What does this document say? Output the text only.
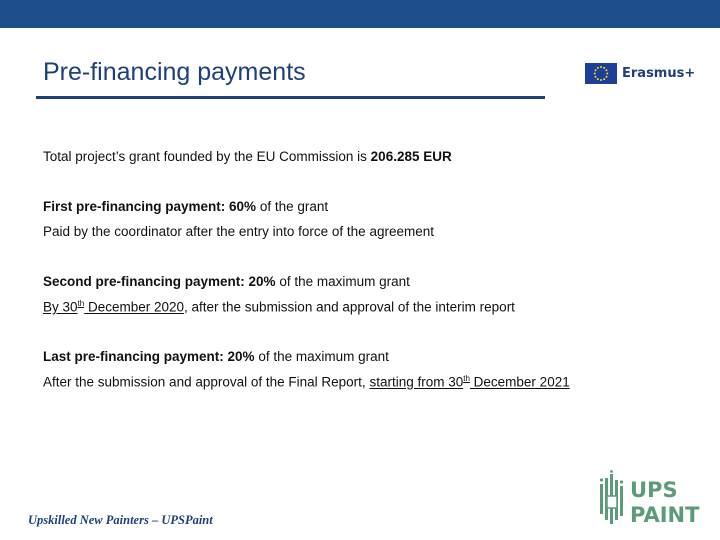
Pre-financing payments	Erasmus+
Total project’s grant founded by the EU Commission is 206.285 EUR
First pre-financing payment: 60% of the grant
Paid by the coordinator after the entry into force of the agreement
Second pre-financing payment: 20% of the maximum grant
By 30th December 2020, after the submission and approval of the interim report
Last pre-financing payment: 20% of the maximum grant
After the submission and approval of the Final Report, starting from 30th December 2021
Upskilled New Painters – UPSPaint
UPS
PAINT
